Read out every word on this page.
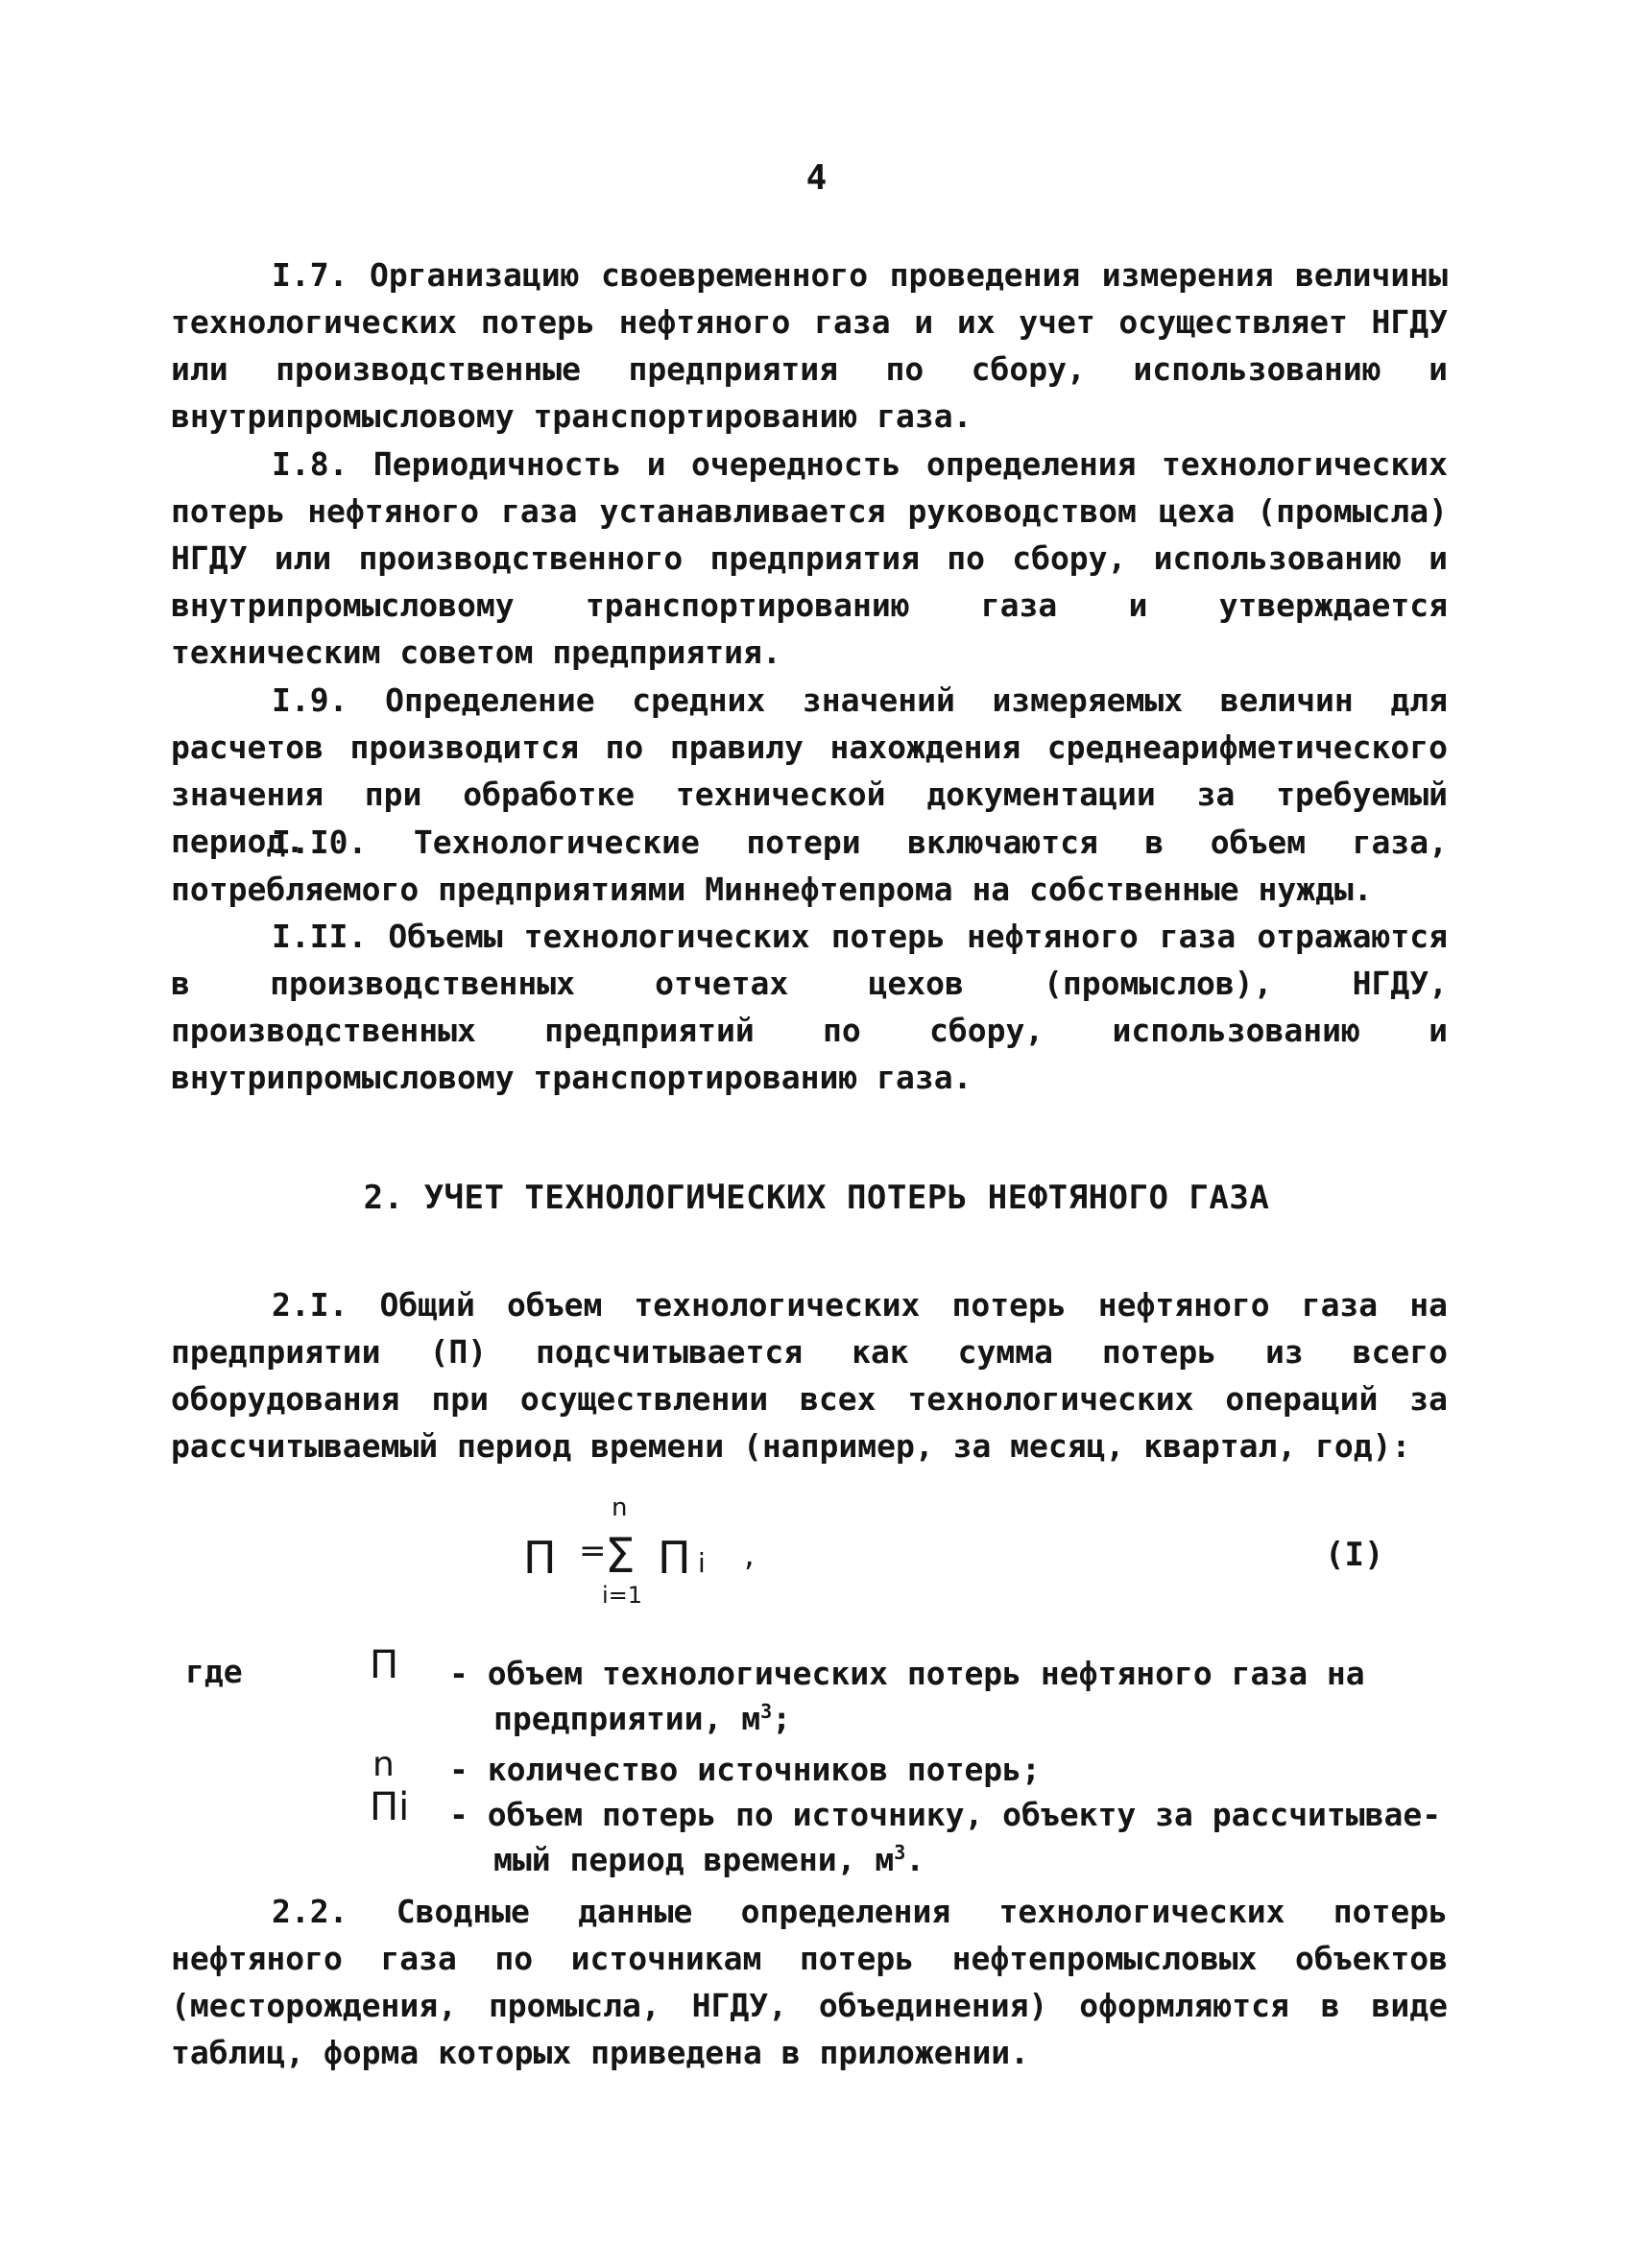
4

I.7. Организацию своевременного проведения измерения величины технологических потерь нефтяного газа и их учет осуществляет НГДУ или производственные предприятия по сбору, использованию и внутрипромысловому транспортированию газа.

I.8. Периодичность и очередность определения технологических потерь нефтяного газа устанавливается руководством цеха (промысла) НГДУ или производственного предприятия по сбору, использованию и внутрипромысловому транспортированию газа и утверждается техническим советом предприятия.

I.9. Определение средних значений измеряемых величин для расчетов производится по правилу нахождения среднеарифметического значения при обработке технической документации за требуемый период.

I.I0. Технологические потери включаются в объем газа, потребляемого предприятиями Миннефтепрома на собственные нужды.

I.II. Объемы технологических потерь нефтяного газа отражаются в производственных отчетах цехов (промыслов), НГДУ, производственных предприятий по сбору, использованию и внутрипромысловому транспортированию газа.

2. УЧЕТ ТЕХНОЛОГИЧЕСКИХ ПОТЕРЬ НЕФТЯНОГО ГАЗА

2.I. Общий объем технологических потерь нефтяного газа на предприятии (П) подсчитывается как сумма потерь из всего оборудования при осуществлении всех технологических операций за рассчитываемый период времени (например, за месяц, квартал, год):

П =
n
Σ
i=1
П i ,	(I)
где	П - объем технологических потерь нефтяного газа на
предприятии, $м^3$;
n - количество источников потерь;
Пi - объем потерь по источнику, объекту за рассчитывае-
мый период времени, $м^3$.

2.2. Сводные данные определения технологических потерь нефтяного газа по источникам потерь нефтепромысловых объектов (месторождения, промысла, НГДУ, объединения) оформляются в виде таблиц, форма которых приведена в приложении.
